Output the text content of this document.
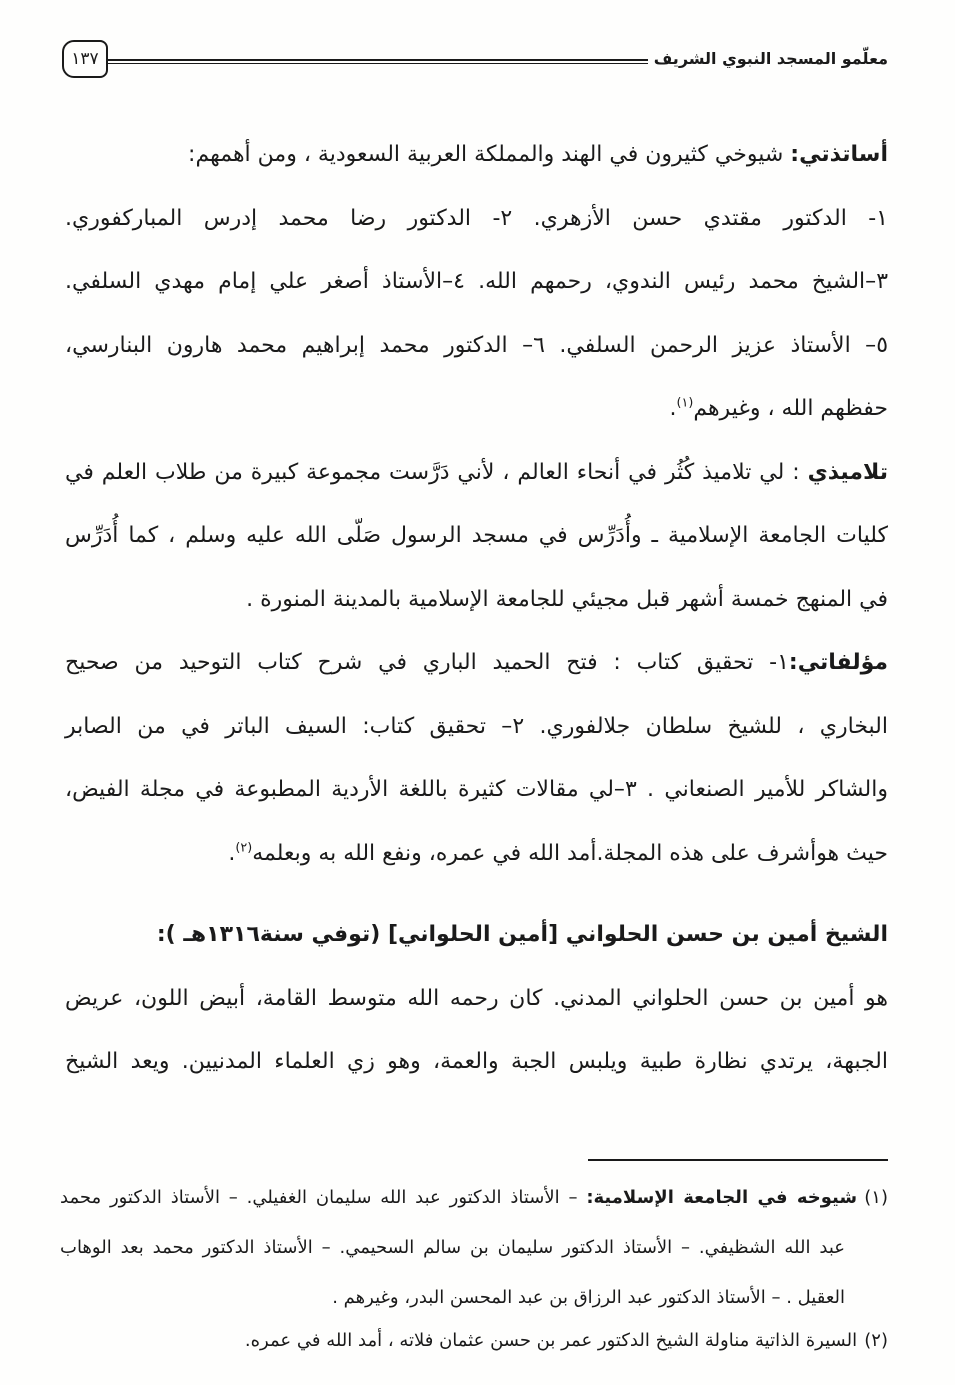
معلّمو المسجد النبوي الشريف
١٣٧
أساتذتي: شيوخي كثيرون في الهند والمملكة العربية السعودية ، ومن أهمهم:
١- الدكتور مقتدي حسن الأزهري. ٢- الدكتور رضا محمد إدرس المباركفوري.
٣–الشيخ محمد رئيس الندوي، رحمهم الله. ٤–الأستاذ أصغر علي إمام مهدي السلفي.
٥– الأستاذ عزيز الرحمن السلفي. ٦– الدكتور محمد إبراهيم محمد هارون البنارسي،
حفظهم الله ، وغيرهم$^{(١)}$.
تلاميذي : لي تلاميذ كُثُر في أنحاء العالم ، لأني دَرَّست مجموعة كبيرة من طلاب العلم في
كليات الجامعة الإسلامية ـ وأُدَرِّس في مسجد الرسول صَلّى الله عليه وسلم ، كما أُدَرِّس
في المنهج خمسة أشهر قبل مجيئي للجامعة الإسلامية بالمدينة المنورة .
مؤلفاتي:١- تحقيق كتاب : فتح الحميد الباري في شرح كتاب التوحيد من صحيح
البخاري ، للشيخ سلطان جلالفوري. ٢– تحقيق كتاب: السيف الباتر في من الصابر
والشاكر للأمير الصنعاني . ٣–لي مقالات كثيرة باللغة الأردية المطبوعة في مجلة الفيض،
حيث هوأشرف على هذه المجلة.أمد الله في عمره، ونفع الله به وبعلمه$^{(٢)}$.
الشيخ أمين بن حسن الحلواني [أمين الحلواني] (توفي سنة١٣١٦هـ ):
هو أمين بن حسن الحلواني المدني. كان رحمه الله متوسط القامة، أبيض اللون، عريض
الجبهة، يرتدي نظارة طبية ويلبس الجبة والعمة، وهو زي العلماء المدنيين. ويعد الشيخ
(١)شيوخه في الجامعة الإسلامية: – الأستاذ الدكتور عبد الله سليمان الغفيلي. – الأستاذ الدكتور محمد
عبد الله الشظيفي. – الأستاذ الدكتور سليمان بن سالم السحيمي. – الأستاذ الدكتور محمد بعد الوهاب
العقيل . – الأستاذ الدكتور عبد الرزاق بن عبد المحسن البدر، وغيرهم .
(٢)السيرة الذاتية مناولة الشيخ الدكتور عمر بن حسن عثمان فلاته ، أمد الله في عمره.
